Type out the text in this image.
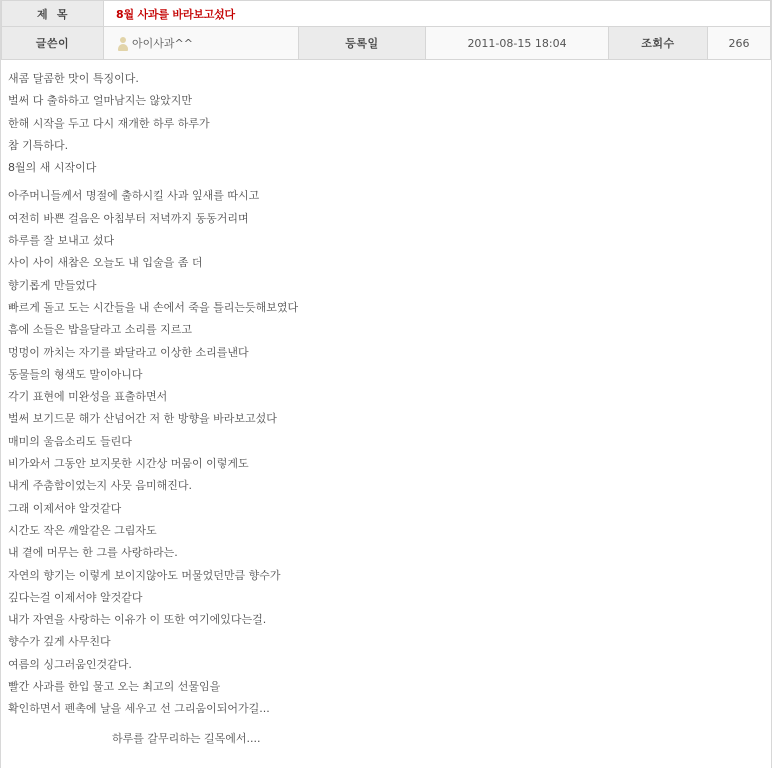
제  목	8월 사과를 바라보고섰다				
글쓴이	아이사과^^	등록일	2011-08-15 18:04	조회수	266
새콤 달콤한 맛이 특징이다.
벌써 다 출하하고 얼마남지는 않았지만
한해 시작을 두고 다시 재개한 하루 하루가
참 기특하다.
8월의 새 시작이다
아주머니들께서 명절에 출하시킬 사과 잎새를 따시고
여전히 바쁜 걸음은 아침부터 저녁까지 동동거리며
하루를 잘 보내고 섰다
사이 사이 새참은 오늘도 내 입술을 좀 더
향기롭게 만들었다
빠르게 돌고 도는 시간들을 내 손에서 죽을 틀리는듯해보였다
흠에 소들은 밥을달라고 소리를 지르고
멍멍이 까치는 자기를 봐달라고 이상한 소리를낸다
동물들의 형색도 말이아니다
각기 표현에 미완성을 표출하면서
벌써 보기드문 해가 산넘어간 저 한 방향을 바라보고섰다
매미의 울음소리도 들린다
비가와서 그동안 보지못한 시간상 머뭄이 이렇게도
내게 주춤함이었는지 사뭇 음미해진다.
그래 이제서야 알것같다
시간도 작은 깨알같은 그림자도
내 곁에 머무는 한 그를 사랑하라는.
자연의 향기는 이렇게 보이지않아도 머물었던만큼 향수가
깊다는걸 이제서야 알것같다
내가 자연을 사랑하는 이유가 이 또한 여기에있다는걸.
향수가 깊게 사무친다
여름의 싱그러움인것같다.
빨간 사과를 한입 물고 오는 최고의 선물임을
확인하면서 펜촉에 날을 세우고 선 그리움이되어가길...
하루를 갈무리하는 길목에서....
